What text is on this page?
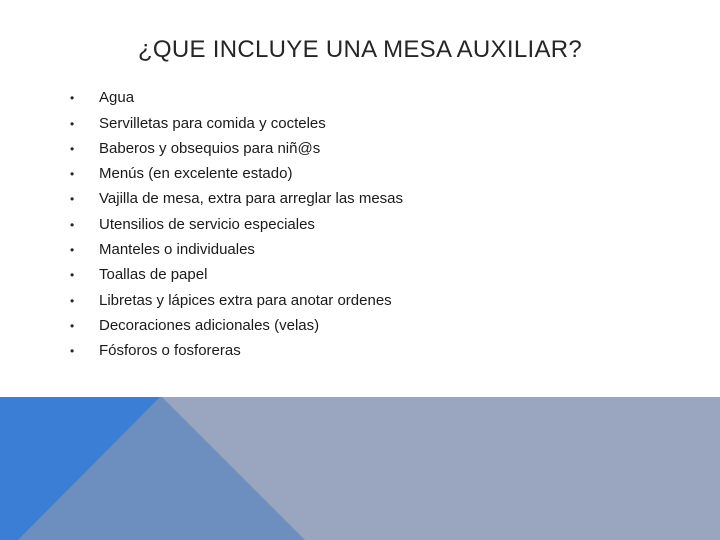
¿QUE INCLUYE UNA MESA AUXILIAR?
• Agua
• Servilletas para comida y cocteles
• Baberos y obsequios para niñ@s
• Menús (en excelente estado)
• Vajilla de mesa, extra para arreglar las mesas
• Utensilios de servicio especiales
• Manteles o individuales
• Toallas de papel
• Libretas y lápices extra para anotar ordenes
• Decoraciones adicionales (velas)
• Fósforos o fosforeras
